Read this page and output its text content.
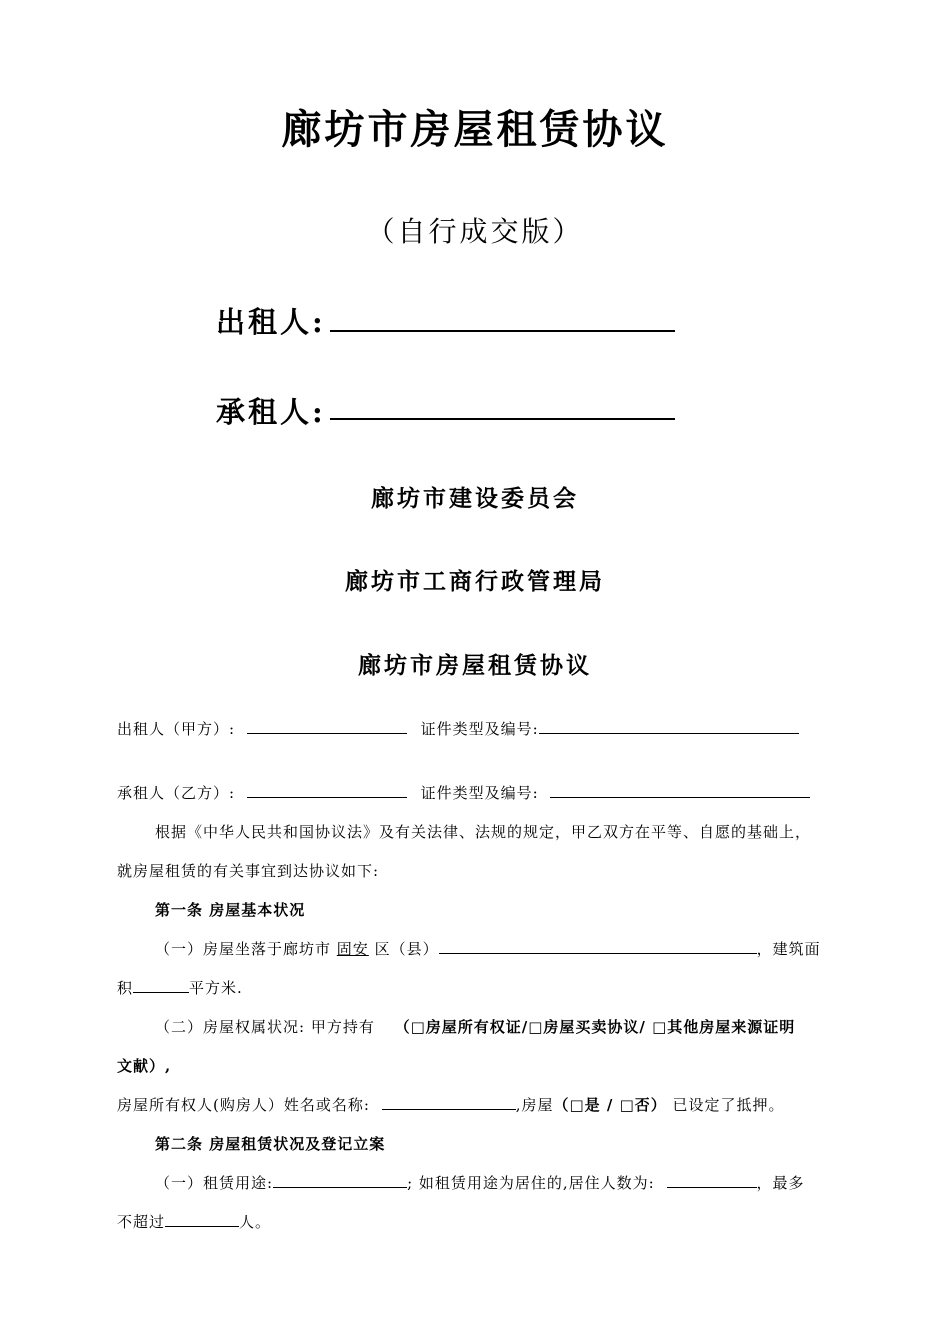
廊坊市房屋租赁协议
（自行成交版）
出租人:
承租人:
廊坊市建设委员会
廊坊市工商行政管理局
廊坊市房屋租赁协议
出租人（甲方）:	证件类型及编号:
承租人（乙方）:	证件类型及编号:
根据《中华人民共和国协议法》及有关法律、法规的规定，甲乙双方在平等、自愿的基础上，
就房屋租赁的有关事宜到达协议如下:
第一条 房屋基本状况
（一）房屋坐落于廊坊市 固安 区（县）	，建筑面
积	平方米.
（二）房屋权属状况: 甲方持有 （□房屋所有权证/□房屋买卖协议/ □其他房屋来源证明
文献）,
房屋所有权人(购房人）姓名或名称:	,房屋（□是 / □否） 已设定了抵押。
第二条 房屋租赁状况及登记立案
（一）租赁用途:	; 如租赁用途为居住的,居住人数为:	，最多
不超过	人。
